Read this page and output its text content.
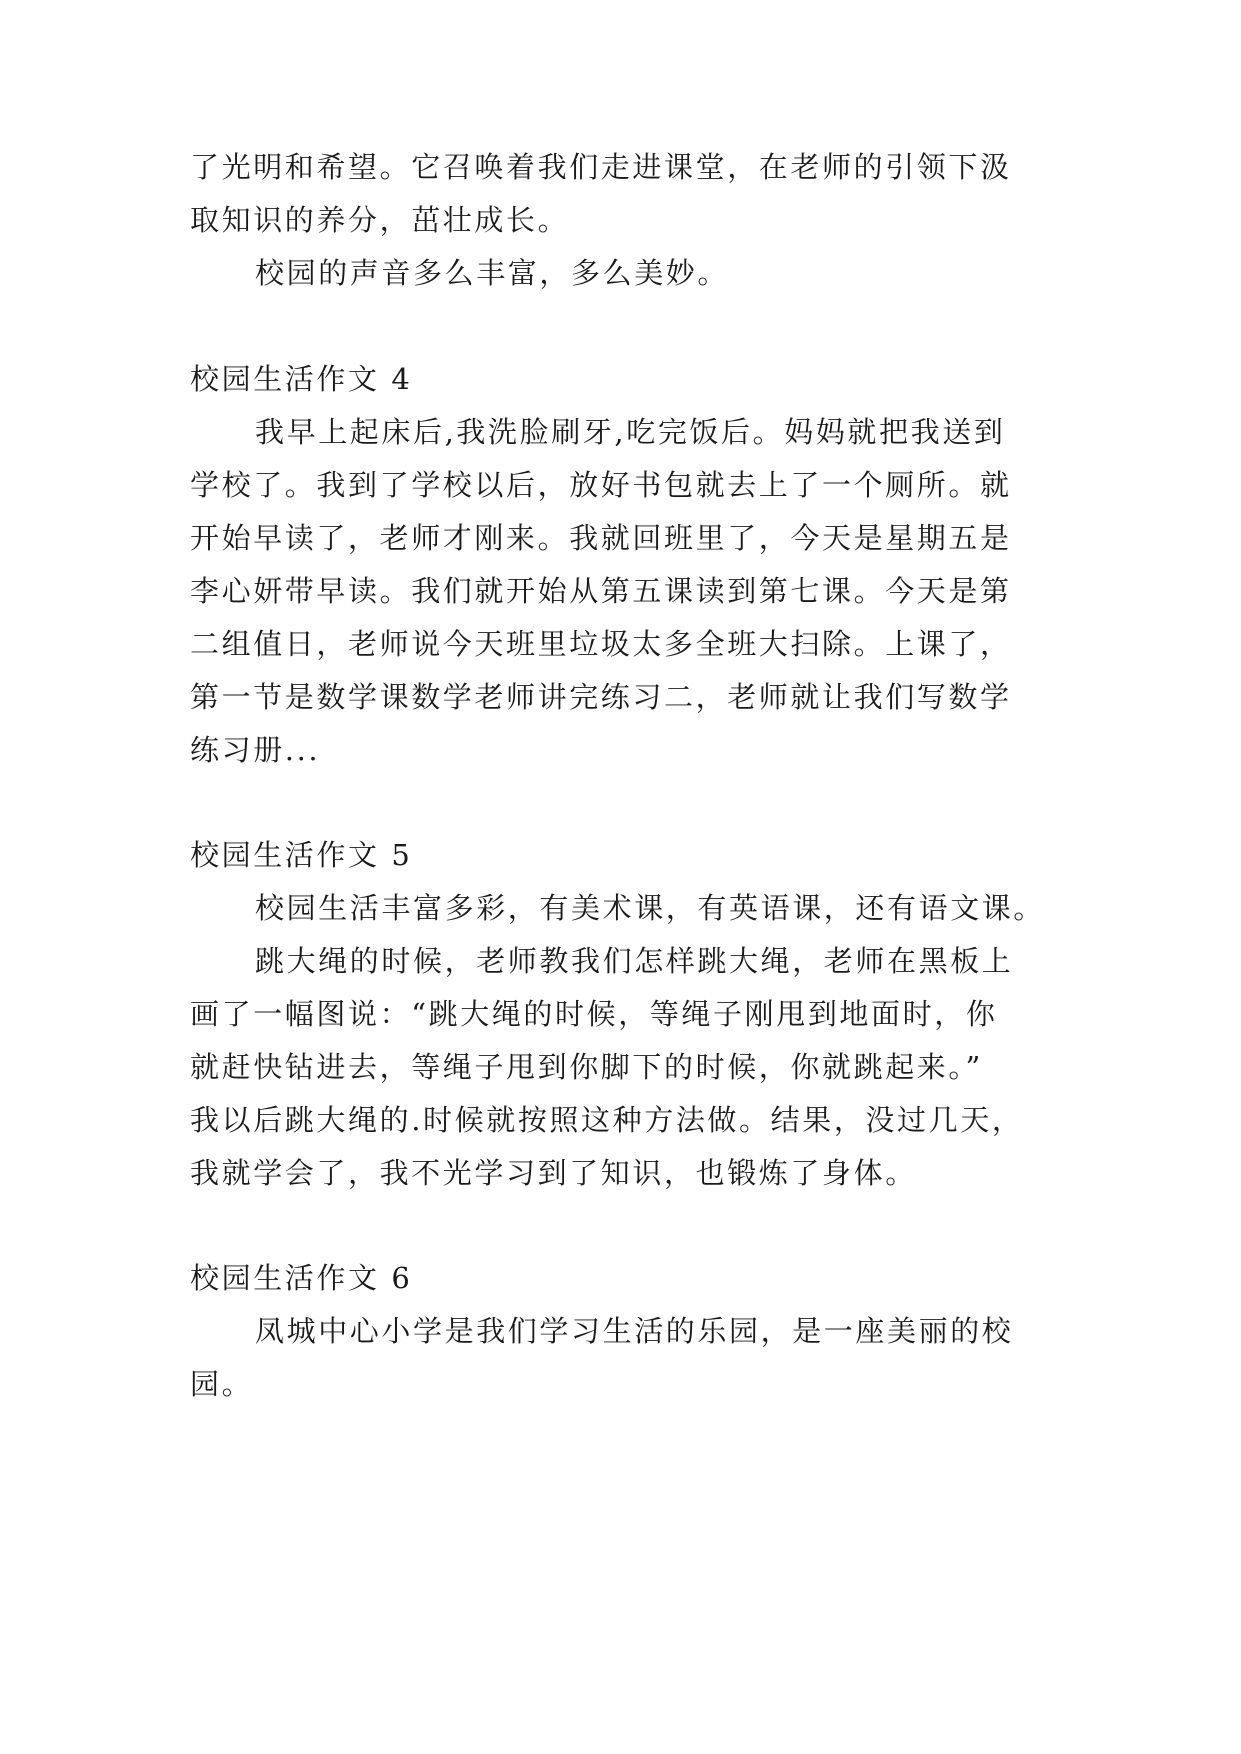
了光明和希望。它召唤着我们走进课堂，在老师的引领下汲
取知识的养分，茁壮成长。
校园的声音多么丰富，多么美妙。
校园生活作文 4
我早上起床后,我洗脸刷牙,吃完饭后。妈妈就把我送到
学校了。我到了学校以后，放好书包就去上了一个厕所。就
开始早读了，老师才刚来。我就回班里了，今天是星期五是
李心妍带早读。我们就开始从第五课读到第七课。今天是第
二组值日，老师说今天班里垃圾太多全班大扫除。上课了，
第一节是数学课数学老师讲完练习二，老师就让我们写数学
练习册...
校园生活作文 5
校园生活丰富多彩，有美术课，有英语课，还有语文课。
跳大绳的时候，老师教我们怎样跳大绳，老师在黑板上
画了一幅图说：“跳大绳的时候，等绳子刚甩到地面时，你
就赶快钻进去，等绳子甩到你脚下的时候，你就跳起来。”
我以后跳大绳的.时候就按照这种方法做。结果，没过几天，
我就学会了，我不光学习到了知识，也锻炼了身体。
校园生活作文 6
凤城中心小学是我们学习生活的乐园，是一座美丽的校
园。
